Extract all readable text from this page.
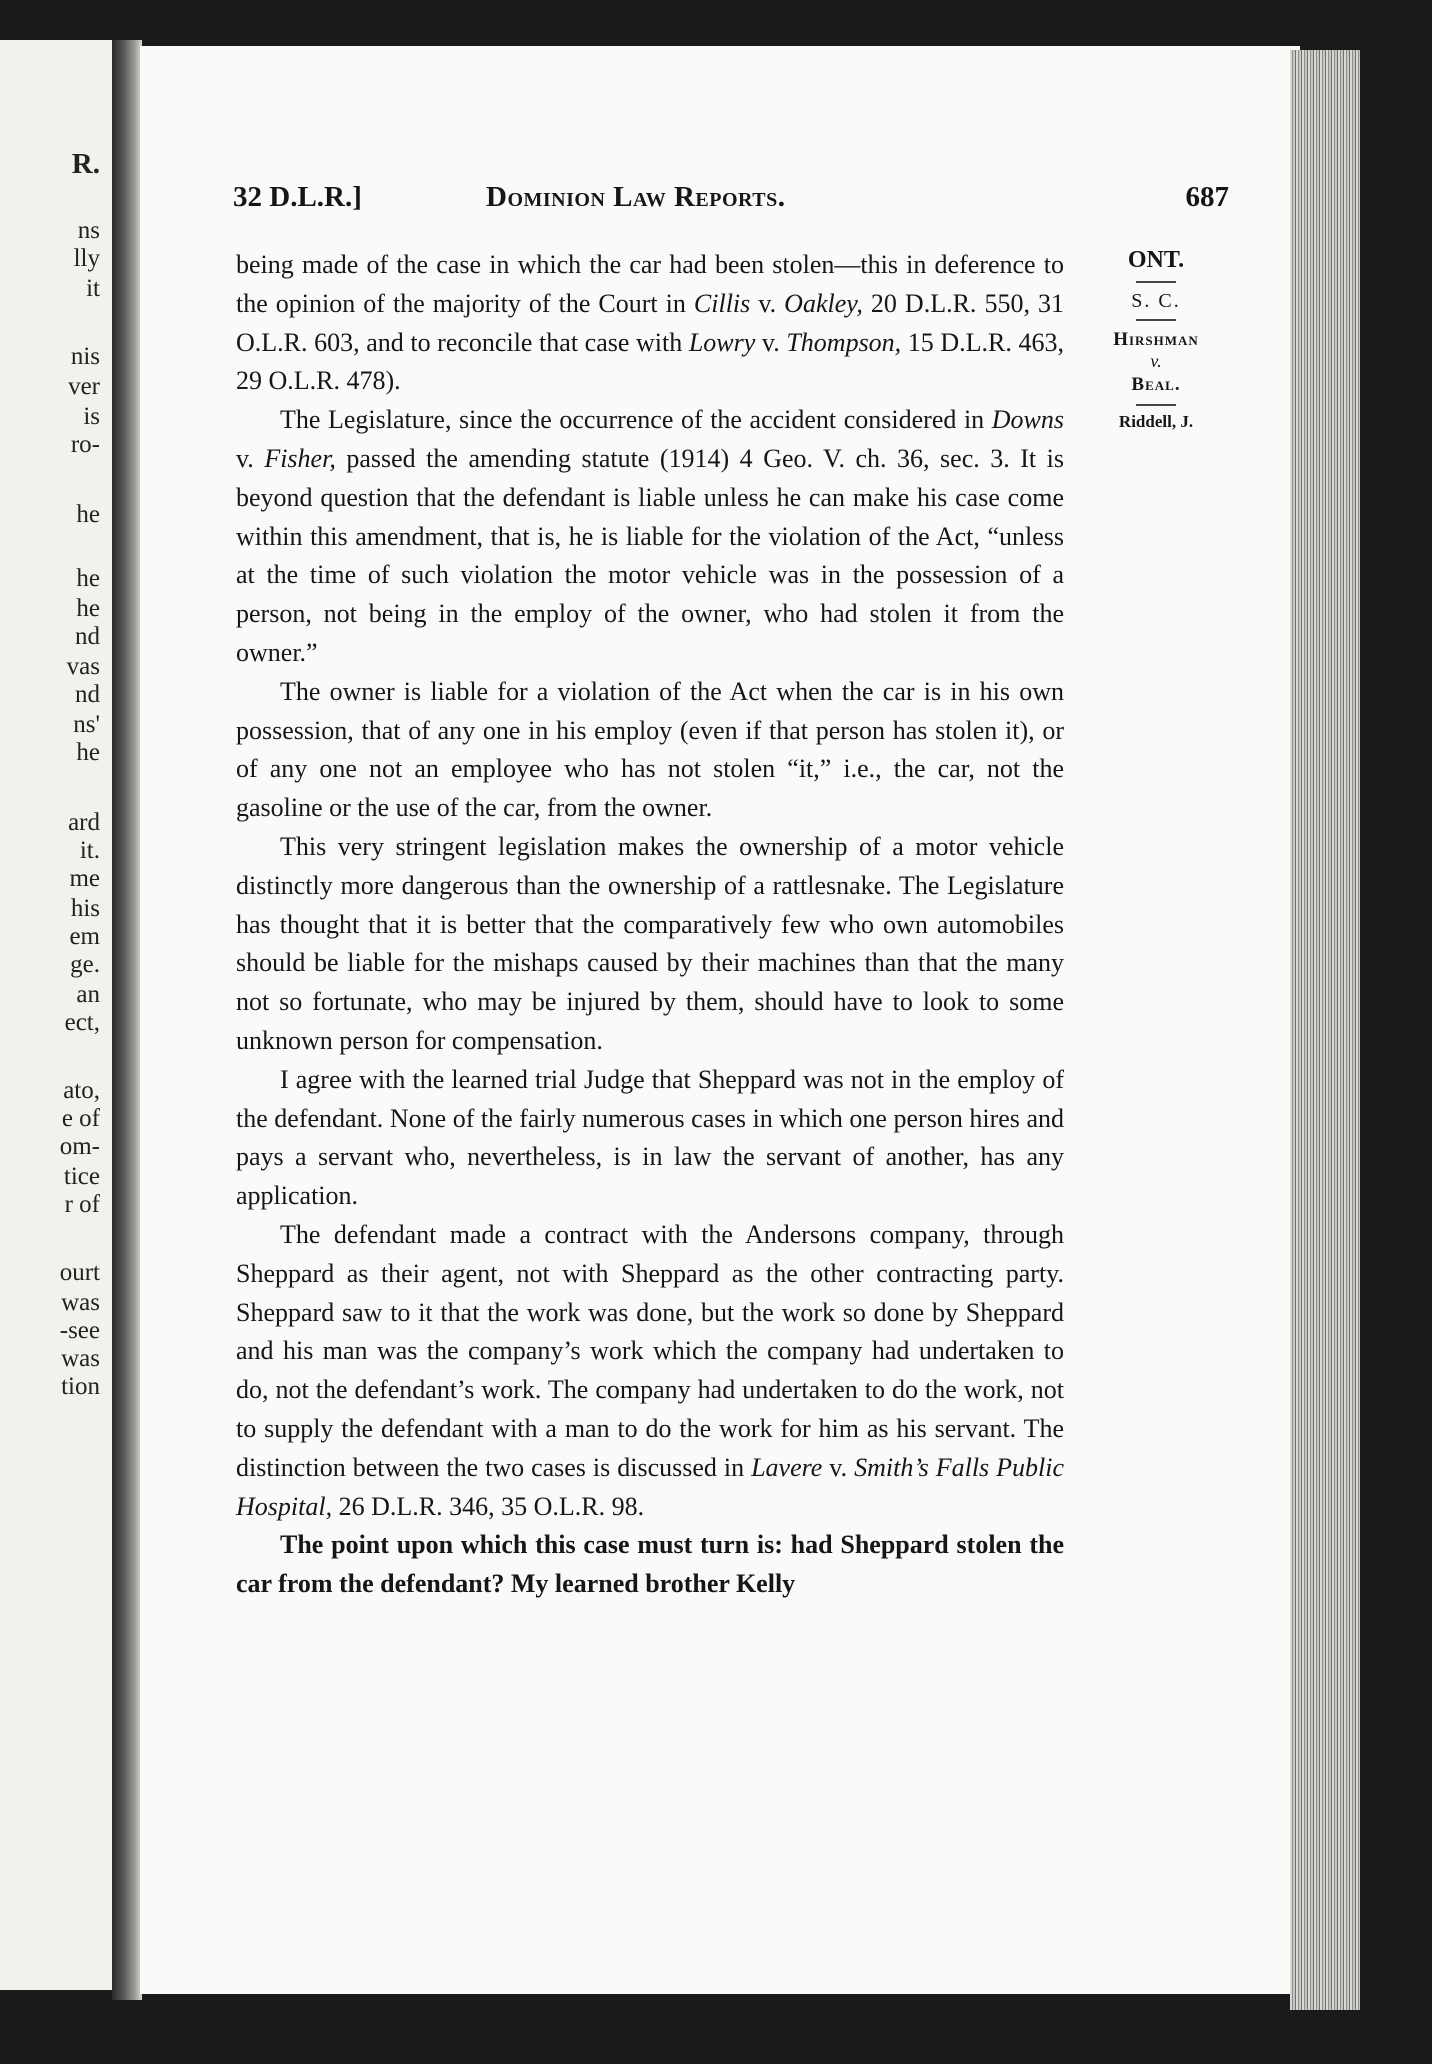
R.
ns
lly
it
nis
ver
is
ro-
he
he
he
nd
vas
nd
ns'
he
ard
it.
me
his
em
ge.
an
ect,
ato,
e of
om-
tice
r of
ourt
was
-see
was
tion
32 D.L.R.]	Dominion Law Reports.	687
ONT.
S. C.
Hirshman
v.
Beal.
Riddell, J.

being made of the case in which the car had been stolen—this in deference to the opinion of the majority of the Court in Cillis v. Oakley, 20 D.L.R. 550, 31 O.L.R. 603, and to reconcile that case with Lowry v. Thompson, 15 D.L.R. 463, 29 O.L.R. 478).

The Legislature, since the occurrence of the accident considered in Downs v. Fisher, passed the amending statute (1914) 4 Geo. V. ch. 36, sec. 3. It is beyond question that the defendant is liable unless he can make his case come within this amendment, that is, he is liable for the violation of the Act, “unless at the time of such violation the motor vehicle was in the possession of a person, not being in the employ of the owner, who had stolen it from the owner.”

The owner is liable for a violation of the Act when the car is in his own possession, that of any one in his employ (even if that person has stolen it), or of any one not an employee who has not stolen “it,” i.e., the car, not the gasoline or the use of the car, from the owner.

This very stringent legislation makes the ownership of a motor vehicle distinctly more dangerous than the ownership of a rattlesnake. The Legislature has thought that it is better that the comparatively few who own automobiles should be liable for the mishaps caused by their machines than that the many not so fortunate, who may be injured by them, should have to look to some unknown person for compensation.

I agree with the learned trial Judge that Sheppard was not in the employ of the defendant. None of the fairly numerous cases in which one person hires and pays a servant who, nevertheless, is in law the servant of another, has any application.

The defendant made a contract with the Andersons company, through Sheppard as their agent, not with Sheppard as the other contracting party. Sheppard saw to it that the work was done, but the work so done by Sheppard and his man was the company’s work which the company had undertaken to do, not the defendant’s work. The company had undertaken to do the work, not to supply the defendant with a man to do the work for him as his servant. The distinction between the two cases is discussed in Lavere v. Smith’s Falls Public Hospital, 26 D.L.R. 346, 35 O.L.R. 98.

The point upon which this case must turn is: had Sheppard stolen the car from the defendant? My learned brother Kelly
